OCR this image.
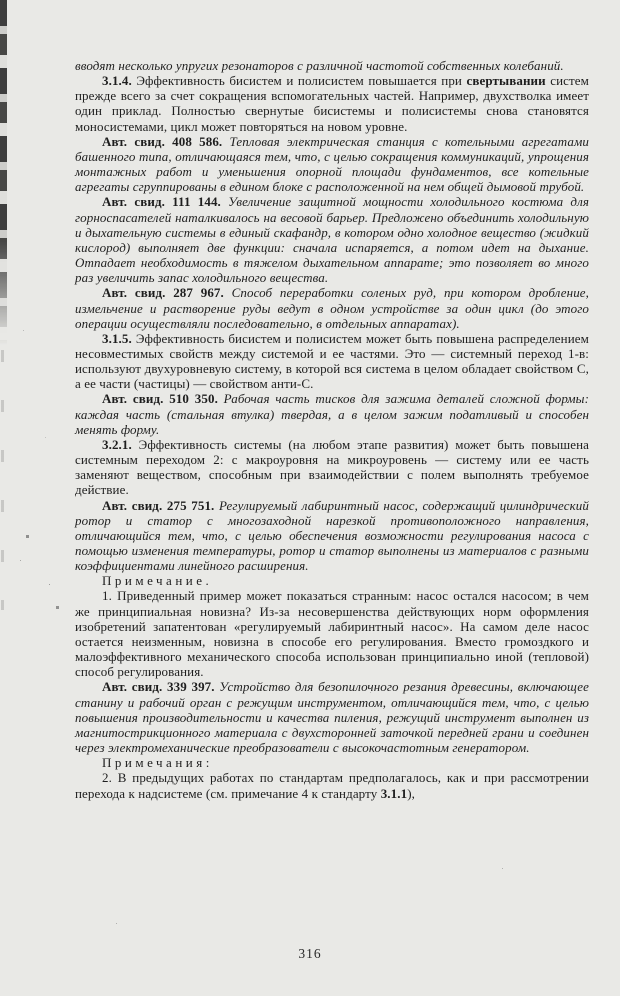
вводят несколько упругих резонаторов с различной частотой собственных колебаний.

3.1.4. Эффективность бисистем и полисистем повышается при свертывании систем прежде всего за счет сокращения вспомогательных частей. Например, двухстволка имеет один приклад. Полностью свернутые бисистемы и полисистемы снова становятся моносистемами, цикл может повторяться на новом уровне.

Авт. свид. 408 586. Тепловая электрическая станция с котельными агрегатами башенного типа, отличающаяся тем, что, с целью сокращения коммуникаций, упрощения монтажных работ и уменьшения опорной площади фундаментов, все котельные агрегаты сгруппированы в едином блоке с расположенной на нем общей дымовой трубой.

Авт. свид. 111 144. Увеличение защитной мощности холодильного костюма для горноспасателей наталкивалось на весовой барьер. Предложено объединить холодильную и дыхательную системы в единый скафандр, в котором одно холодное вещество (жидкий кислород) выполняет две функции: сначала испаряется, а потом идет на дыхание. Отпадает необходимость в тяжелом дыхательном аппарате; это позволяет во много раз увеличить запас холодильного вещества.

Авт. свид. 287 967. Способ переработки соленых руд, при котором дробление, измельчение и растворение руды ведут в одном устройстве за один цикл (до этого операции осуществляли последовательно, в отдельных аппаратах).

3.1.5. Эффективность бисистем и полисистем может быть повышена распределением несовместимых свойств между системой и ее частями. Это — системный переход 1-в: используют двухуровневую систему, в которой вся система в целом обладает свойством С, а ее части (частицы) — свойством анти-С.

Авт. свид. 510 350. Рабочая часть тисков для зажима деталей сложной формы: каждая часть (стальная втулка) твердая, а в целом зажим податливый и способен менять форму.

3.2.1. Эффективность системы (на любом этапе развития) может быть повышена системным переходом 2: с макроуровня на микроуровень — систему или ее часть заменяют веществом, способным при взаимодействии с полем выполнять требуемое действие.

Авт. свид. 275 751. Регулируемый лабиринтный насос, содержащий цилиндрический ротор и статор с многозаходной нарезкой противоположного направления, отличающийся тем, что, с целью обеспечения возможности регулирования насоса с помощью изменения температуры, ротор и статор выполнены из материалов с разными коэффициентами линейного расширения.

Примечание.

1. Приведенный пример может показаться странным: насос остался насосом; в чем же принципиальная новизна? Из-за несовершенства действующих норм оформления изобретений запатентован «регулируемый лабиринтный насос». На самом деле насос остается неизменным, новизна в способе его регулирования. Вместо громоздкого и малоэффективного механического способа использован принципиально иной (тепловой) способ регулирования.

Авт. свид. 339 397. Устройство для безопилочного резания древесины, включающее станину и рабочий орган с режущим инструментом, отличающийся тем, что, с целью повышения производительности и качества пиления, режущий инструмент выполнен из магнитострикционного материала с двухсторонней заточкой передней грани и соединен через электромеханические преобразователи с высокочастотным генератором.

Примечания:

2. В предыдущих работах по стандартам предполагалось, как и при рассмотрении перехода к надсистеме (см. примечание 4 к стандарту 3.1.1),

316
